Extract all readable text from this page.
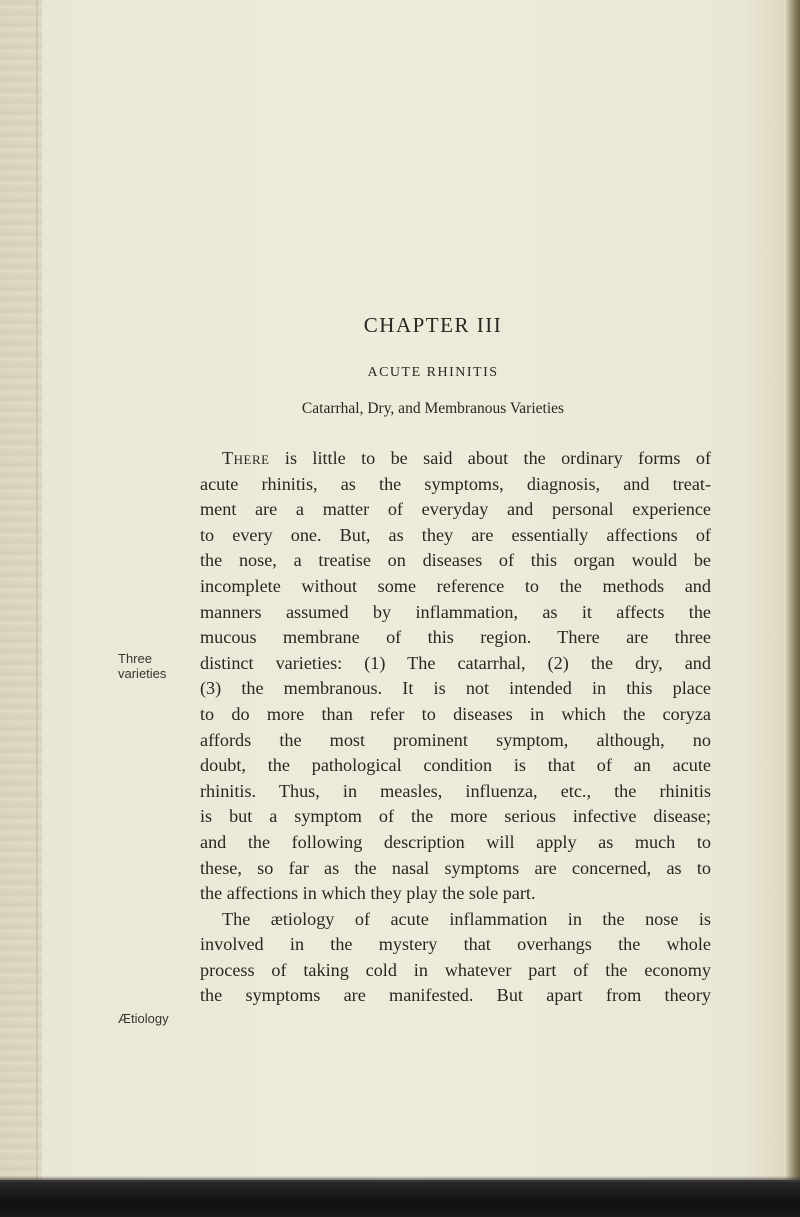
CHAPTER III
ACUTE RHINITIS
Catarrhal, Dry, and Membranous Varieties
Three
varieties
Ætiology
There is little to be said about the ordinary forms of
acute rhinitis, as the symptoms, diagnosis, and treat-
ment are a matter of everyday and personal experience
to every one. But, as they are essentially affections of
the nose, a treatise on diseases of this organ would be
incomplete without some reference to the methods and
manners assumed by inflammation, as it affects the
mucous membrane of this region. There are three
distinct varieties: (1) The catarrhal, (2) the dry, and
(3) the membranous. It is not intended in this place
to do more than refer to diseases in which the coryza
affords the most prominent symptom, although, no
doubt, the pathological condition is that of an acute
rhinitis. Thus, in measles, influenza, etc., the rhinitis
is but a symptom of the more serious infective disease;
and the following description will apply as much to
these, so far as the nasal symptoms are concerned, as to
the affections in which they play the sole part.
The ætiology of acute inflammation in the nose is
involved in the mystery that overhangs the whole
process of taking cold in whatever part of the economy
the symptoms are manifested. But apart from theory
